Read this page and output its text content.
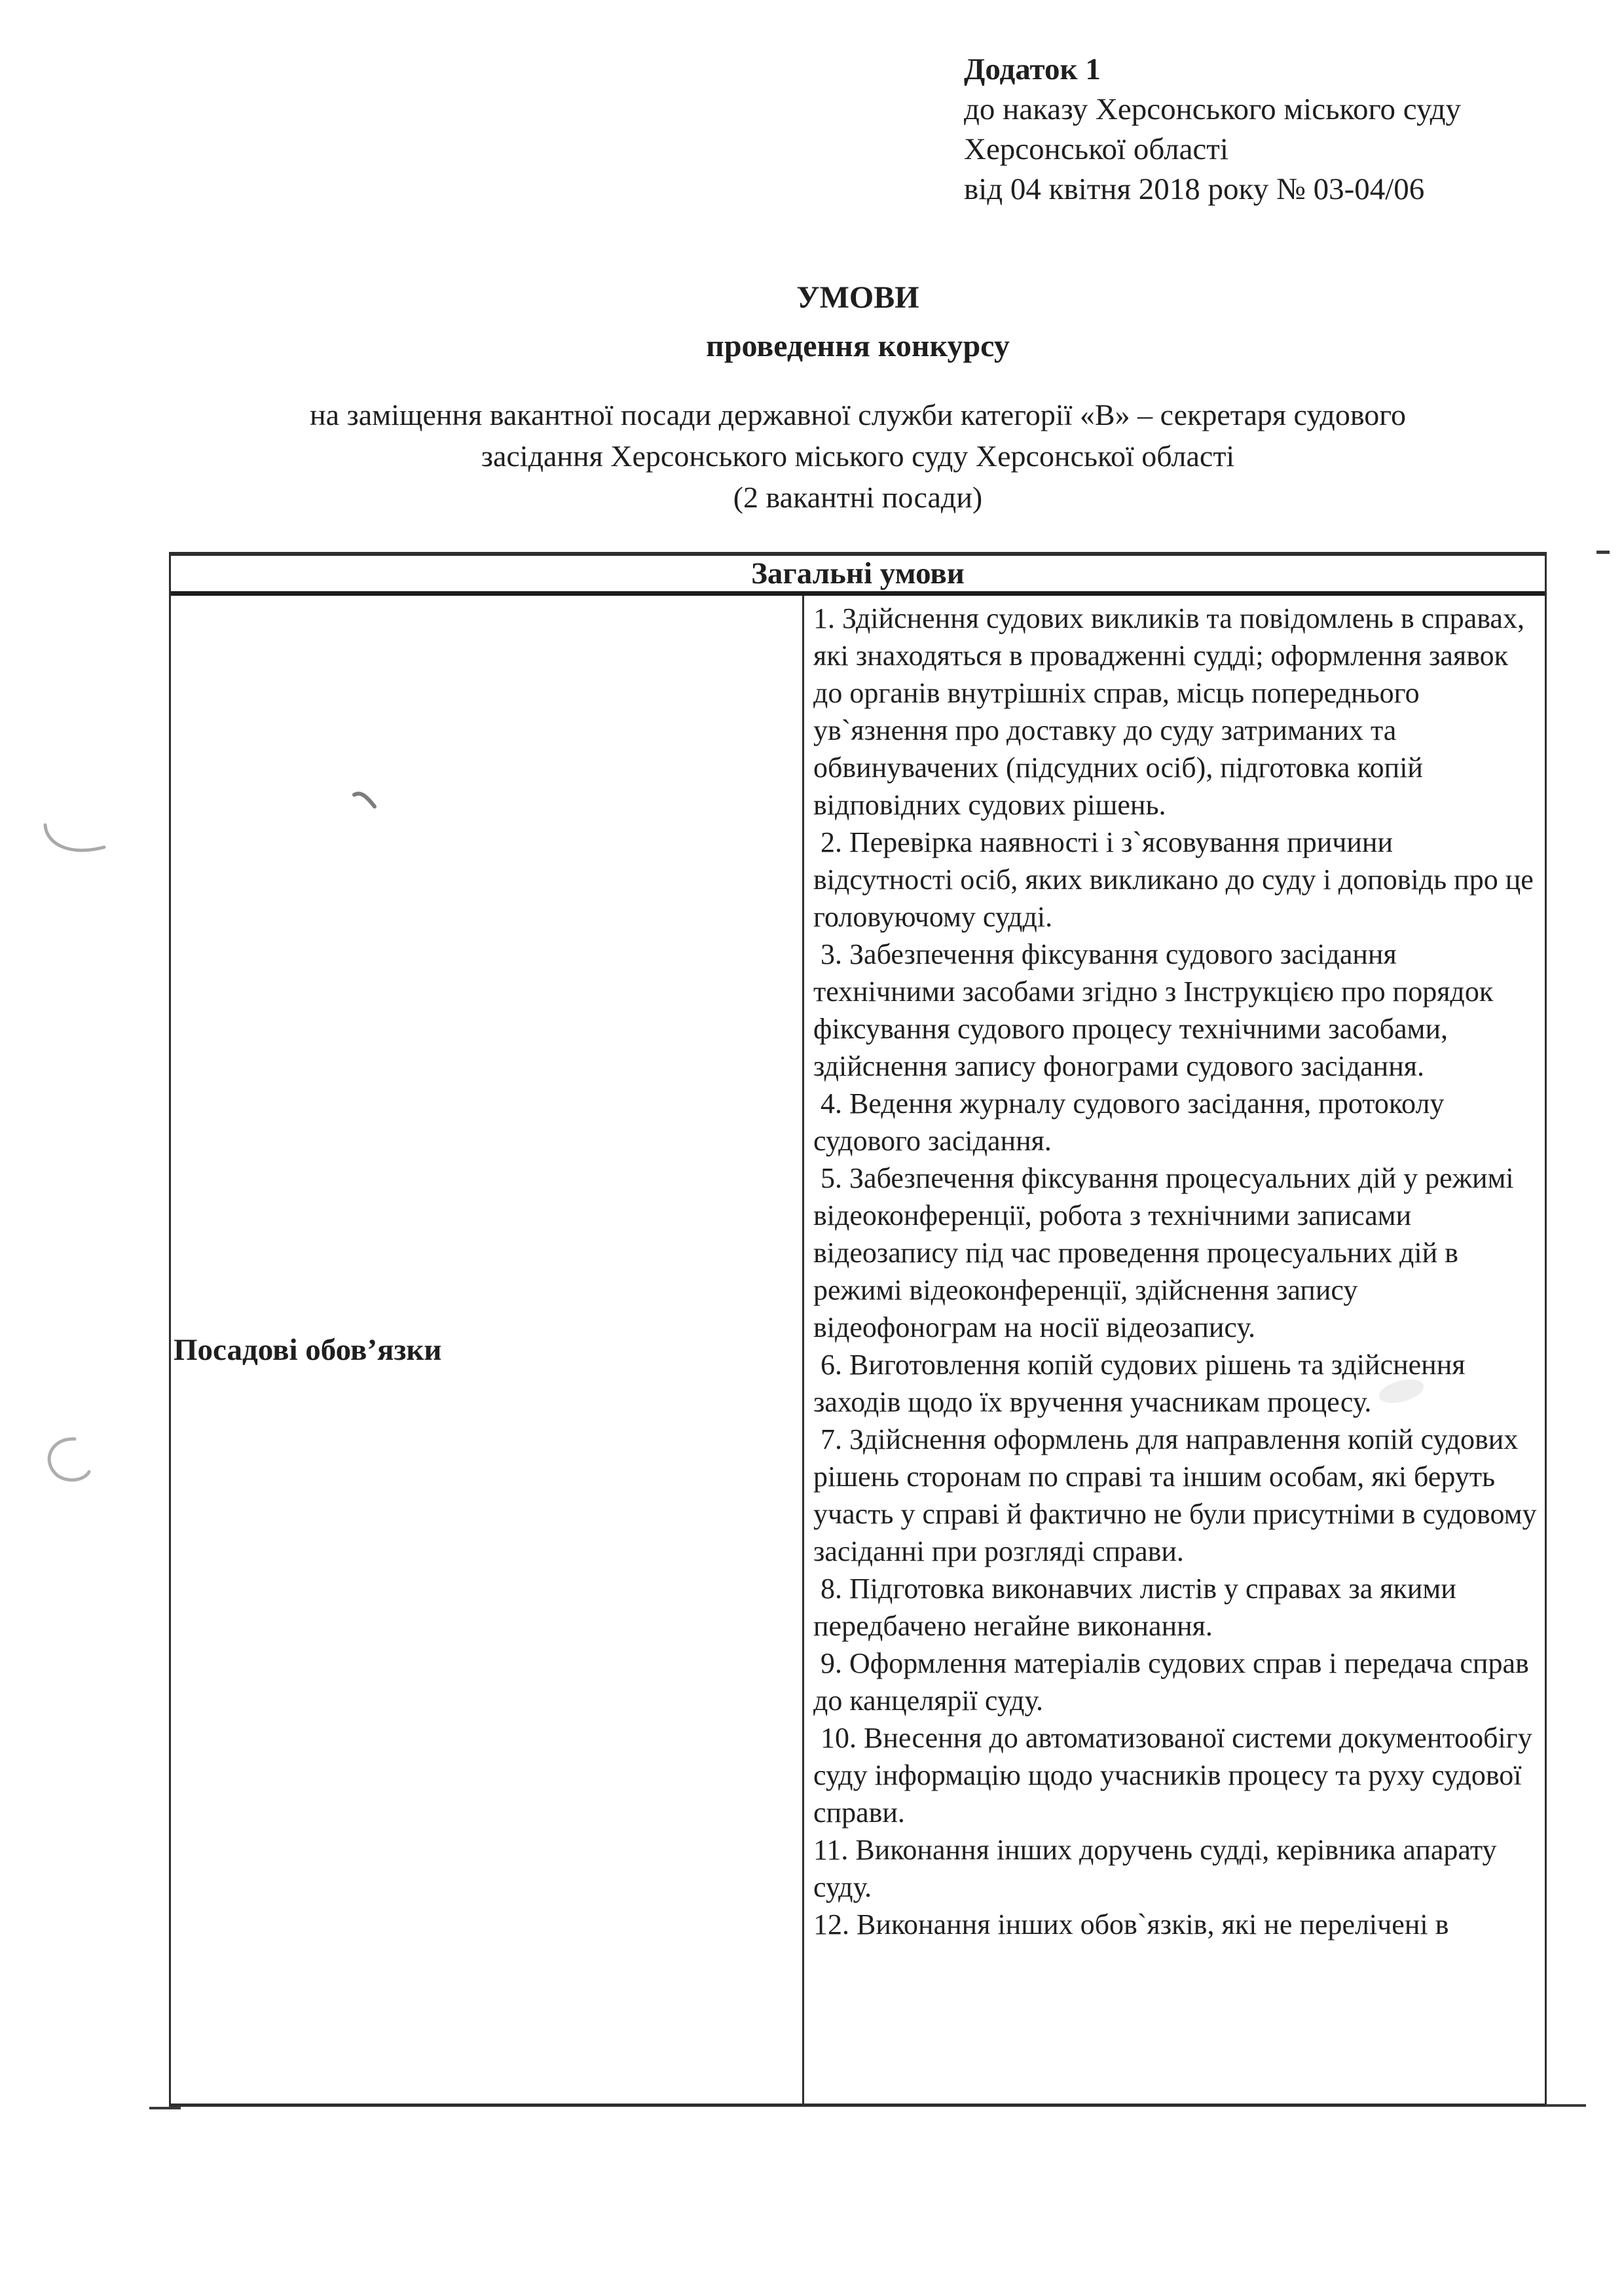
Додаток 1
до наказу Херсонського міського суду
Херсонської області
від 04 квітня 2018 року № 03-04/06
УМОВИ
проведення конкурсу
на заміщення вакантної посади державної служби категорії «В» – секретаря судового
засідання Херсонського міського суду Херсонської області
(2 вакантні посади)
Загальні умови
Посадові обов’язки
1. Здійснення судових викликів та повідомлень в справах, які знаходяться в провадженні судді; оформлення заявок до органів внутрішніх справ, місць попереднього ув`язнення про доставку до суду затриманих та обвинувачених (підсудних осіб), підготовка копій відповідних судових рішень.
2. Перевірка наявності і з`ясовування причини відсутності осіб, яких викликано до суду і доповідь про це головуючому судді.
3. Забезпечення фіксування судового засідання технічними засобами згідно з Інструкцією про порядок фіксування судового процесу технічними засобами, здійснення запису фонограми судового засідання.
4. Ведення журналу судового засідання, протоколу судового засідання.
5. Забезпечення фіксування процесуальних дій у режимі відеоконференції, робота з технічними записами відеозапису під час проведення процесуальних дій в режимі відеоконференції, здійснення запису відеофонограм на носії відеозапису.
6. Виготовлення копій судових рішень та здійснення заходів щодо їх вручення учасникам процесу.
7. Здійснення оформлень для направлення копій судових рішень сторонам по справі та іншим особам, які беруть участь у справі й фактично не були присутніми в судовому засіданні при розгляді справи.
8. Підготовка виконавчих листів у справах за якими передбачено негайне виконання.
9. Оформлення матеріалів судових справ і передача справ до канцелярії суду.
10. Внесення до автоматизованої системи документообігу суду інформацію щодо учасників процесу та руху судової справи.
11. Виконання інших доручень судді, керівника апарату суду.
12. Виконання інших обов`язків, які не перелічені в
